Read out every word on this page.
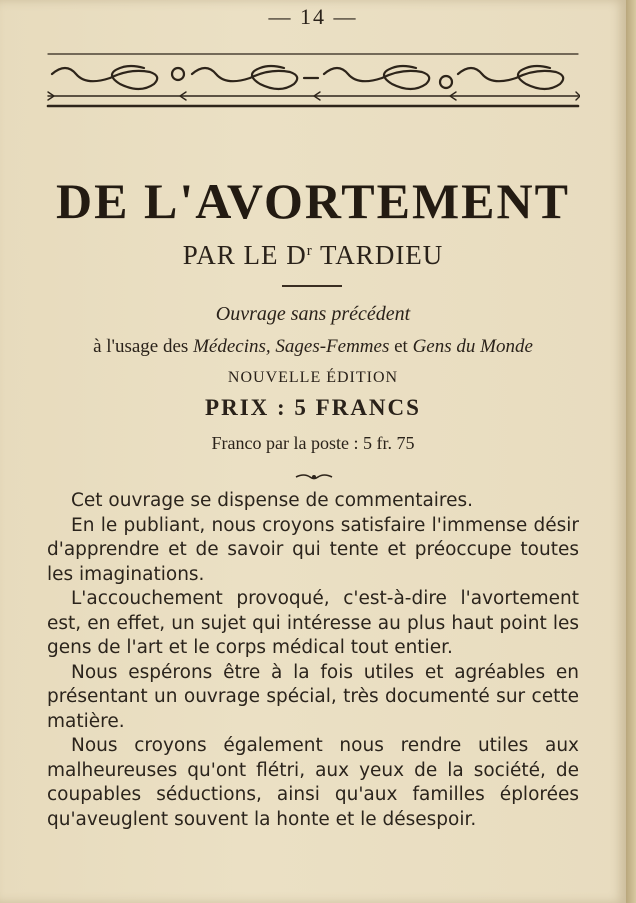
— 14 —
DE L'AVORTEMENT
PAR LE $D^r$ TARDIEU
Ouvrage sans précédent
à l'usage des Médecins, Sages-Femmes et Gens du Monde
NOUVELLE ÉDITION
PRIX : 5 FRANCS
Franco par la poste : 5 fr. 75

Cet ouvrage se dispense de commentaires.

En le publiant, nous croyons satisfaire l'immense désir d'apprendre et de savoir qui tente et préoccupe toutes les imaginations.

L'accouchement provoqué, c'est-à-dire l'avortement est, en effet, un sujet qui intéresse au plus haut point les gens de l'art et le corps médical tout entier.

Nous espérons être à la fois utiles et agréables en présentant un ouvrage spécial, très documenté sur cette matière.

Nous croyons également nous rendre utiles aux malheureuses qu'ont flétri, aux yeux de la société, de coupables séductions, ainsi qu'aux familles éplorées qu'aveuglent souvent la honte et le désespoir.
